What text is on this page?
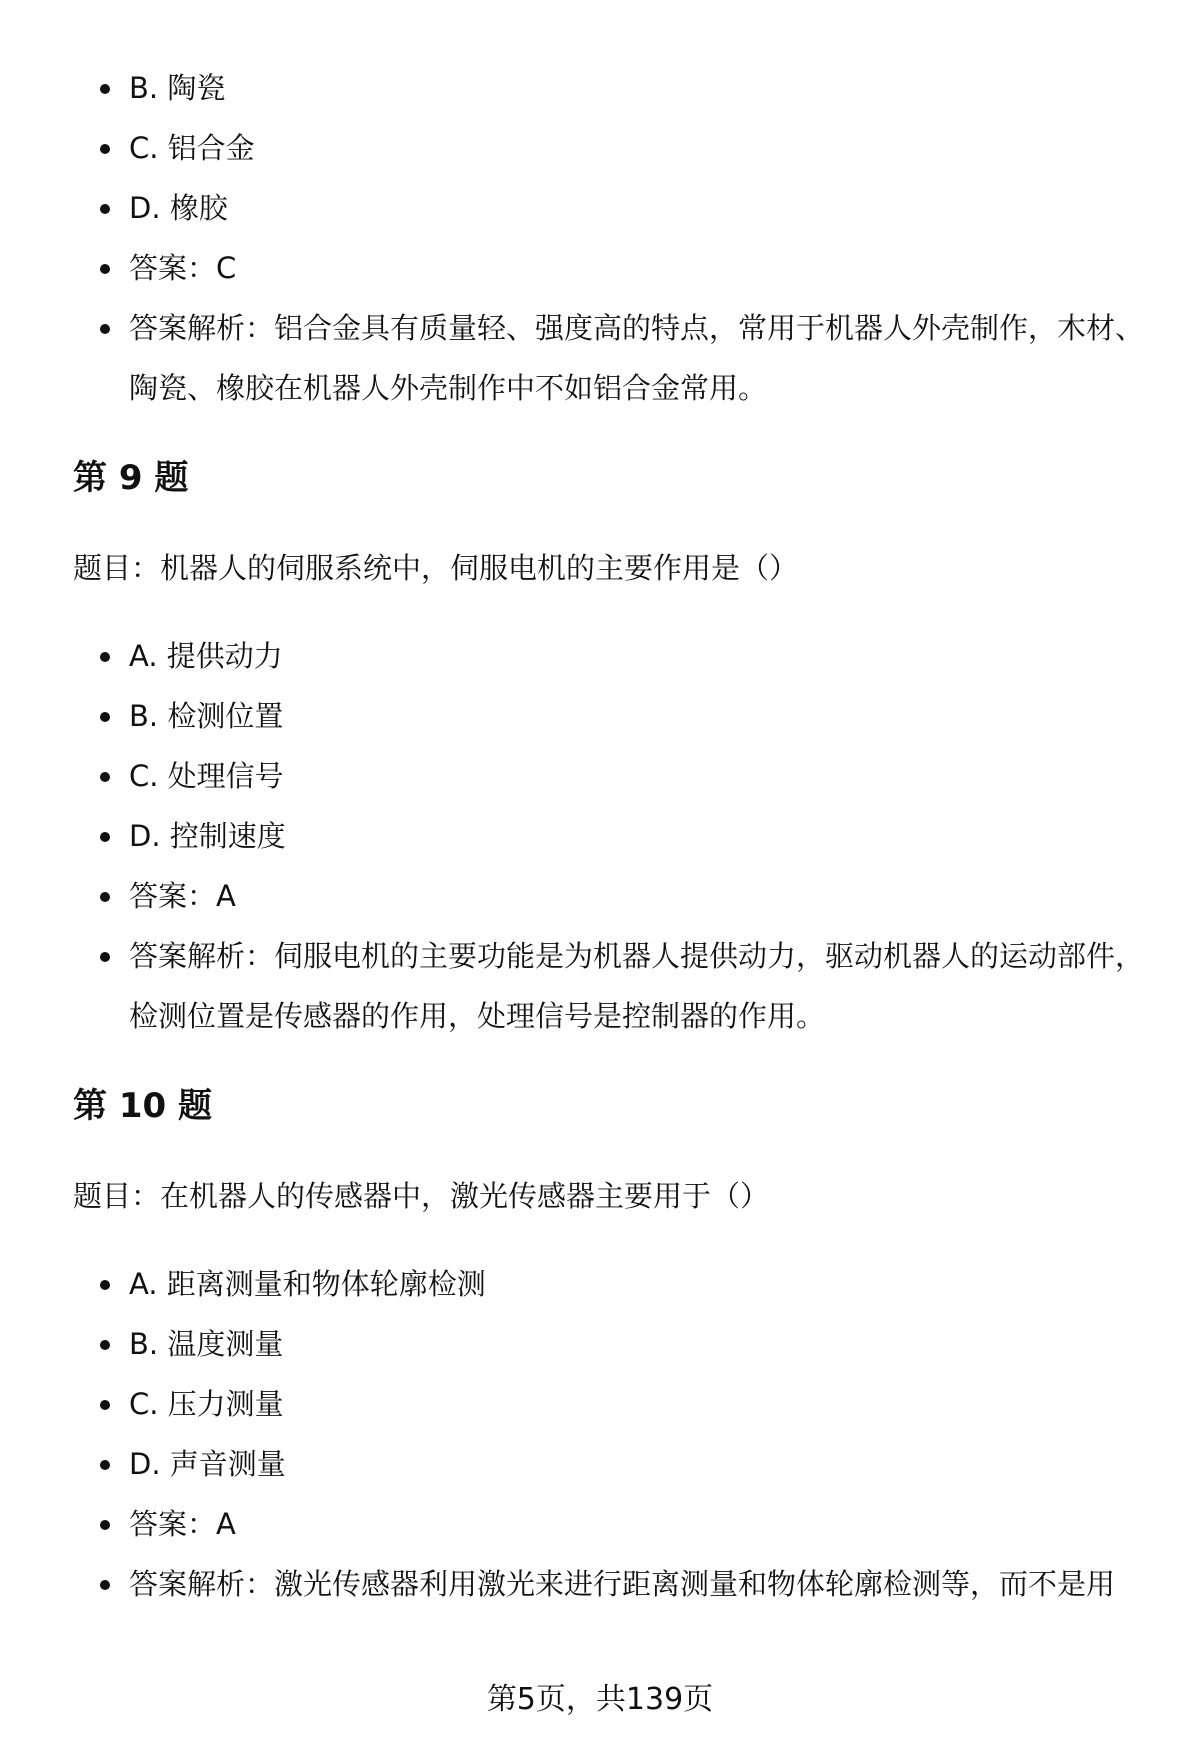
B. 陶瓷
C. 铝合金
D. 橡胶
答案：C
答案解析：铝合金具有质量轻、强度高的特点，常用于机器人外壳制作，木材、陶瓷、橡胶在机器人外壳制作中不如铝合金常用。
第 9 题

题目：机器人的伺服系统中，伺服电机的主要作用是（）

A. 提供动力
B. 检测位置
C. 处理信号
D. 控制速度
答案：A
答案解析：伺服电机的主要功能是为机器人提供动力，驱动机器人的运动部件，检测位置是传感器的作用，处理信号是控制器的作用。
第 10 题

题目：在机器人的传感器中，激光传感器主要用于（）

A. 距离测量和物体轮廓检测
B. 温度测量
C. 压力测量
D. 声音测量
答案：A
答案解析：激光传感器利用激光来进行距离测量和物体轮廓检测等，而不是用
第5页，共139页
